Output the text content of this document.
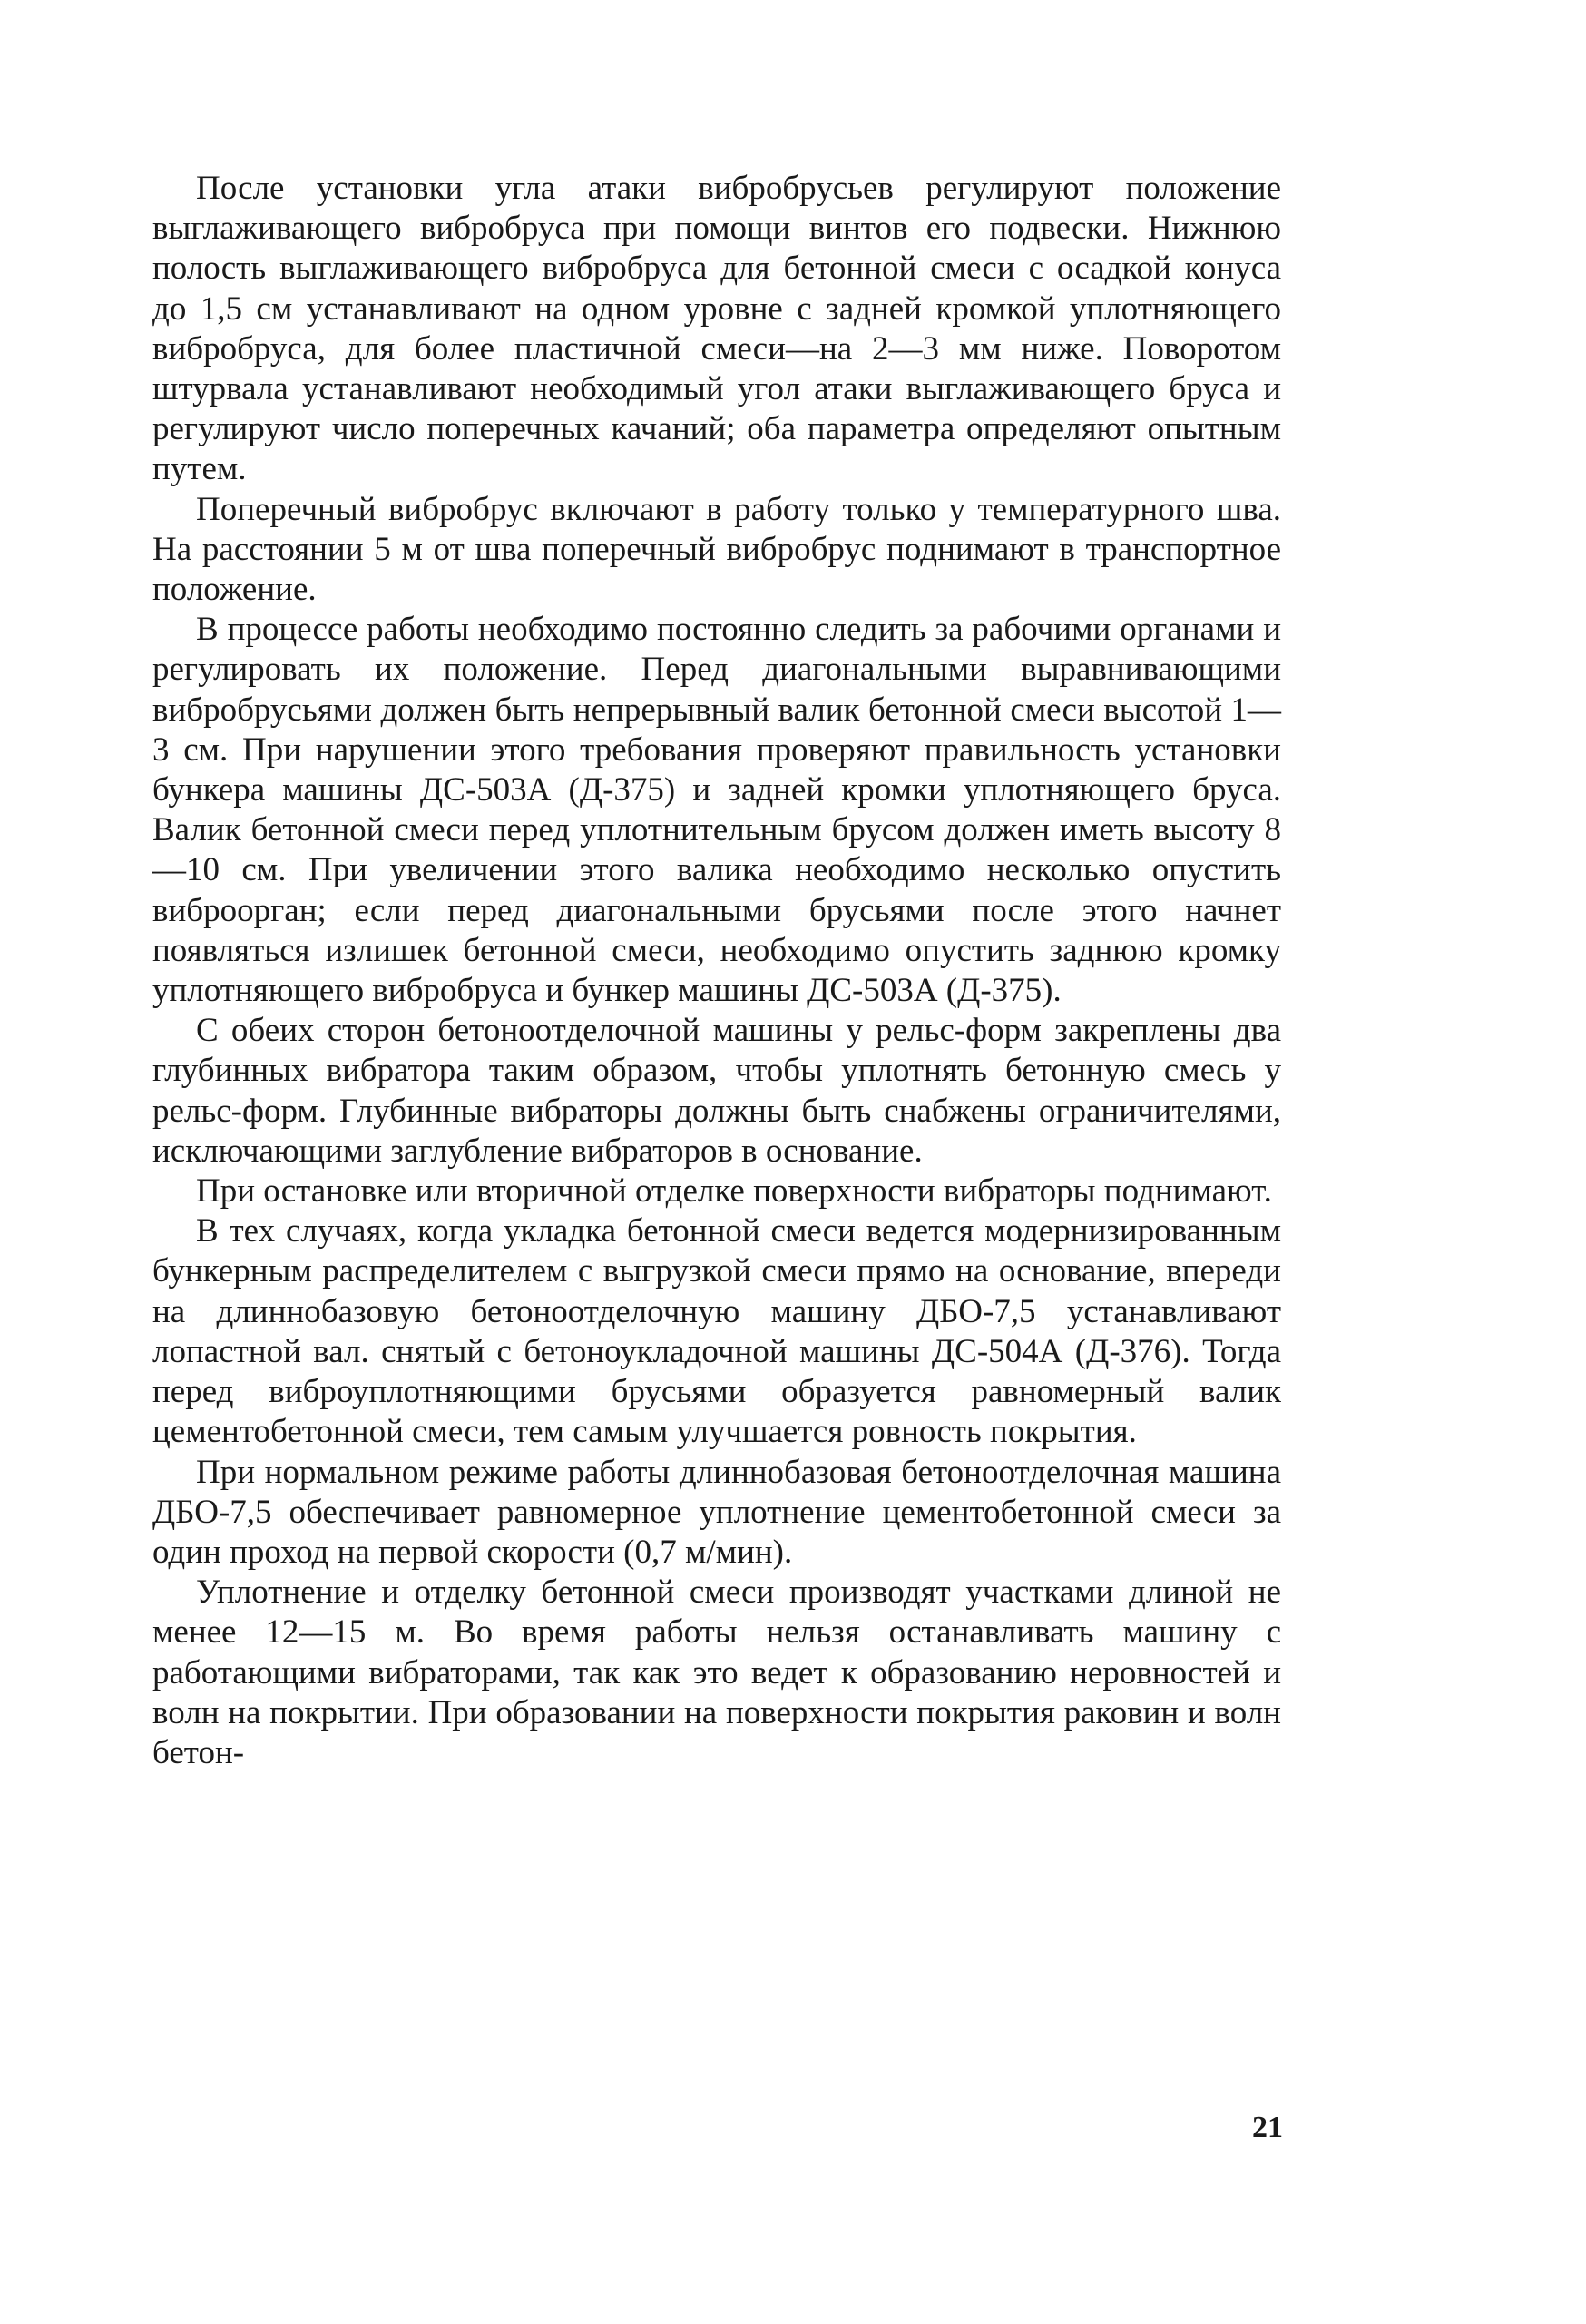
После установки угла атаки вибробрусьев регулируют положение выглаживающего вибробруса при помощи винтов его подвески. Нижнюю полость выглаживающего вибробруса для бетонной смеси с осадкой конуса до 1,5 см устанавливают на одном уровне с задней кромкой уплотняющего вибробруса, для более пластичной смеси—на 2—3 мм ниже. Поворотом штурвала устанавливают необходимый угол атаки выглаживающего бруса и регулируют число поперечных качаний; оба параметра определяют опытным путем.

Поперечный вибробрус включают в работу только у температурного шва. На расстоянии 5 м от шва поперечный вибробрус поднимают в транспортное положение.

В процессе работы необходимо постоянно следить за рабочими органами и регулировать их положение. Перед диагональными выравнивающими вибробрусьями должен быть непрерывный валик бетонной смеси высотой 1—3 см. При нарушении этого требования проверяют правильность установки бункера машины ДС-503А (Д-375) и задней кромки уплотняющего бруса. Валик бетонной смеси перед уплотнительным брусом должен иметь высоту 8—10 см. При увеличении этого валика необходимо несколько опустить виброорган; если перед диагональными брусьями после этого начнет появляться излишек бетонной смеси, необходимо опустить заднюю кромку уплотняющего вибробруса и бункер машины ДС-503А (Д-375).

С обеих сторон бетоноотделочной машины у рельс-форм закреплены два глубинных вибратора таким образом, чтобы уплотнять бетонную смесь у рельс-форм. Глубинные вибраторы должны быть снабжены ограничителями, исключающими заглубление вибраторов в основание.

При остановке или вторичной отделке поверхности вибраторы поднимают.

В тех случаях, когда укладка бетонной смеси ведется модернизированным бункерным распределителем с выгрузкой смеси прямо на основание, впереди на длиннобазовую бетоноотделочную машину ДБО-7,5 устанавливают лопастной вал. снятый с бетоноукладочной машины ДС-504А (Д-376). Тогда перед виброуплотняющими брусьями образуется равномерный валик цементобетонной смеси, тем самым улучшается ровность покрытия.

При нормальном режиме работы длиннобазовая бетоноотделочная машина ДБО-7,5 обеспечивает равномерное уплотнение цементобетонной смеси за один проход на первой скорости (0,7 м/мин).

Уплотнение и отделку бетонной смеси производят участками длиной не менее 12—15 м. Во время работы нельзя останавливать машину с работающими вибраторами, так как это ведет к образованию неровностей и волн на покрытии. При образовании на поверхности покрытия раковин и волн бетон-

21
